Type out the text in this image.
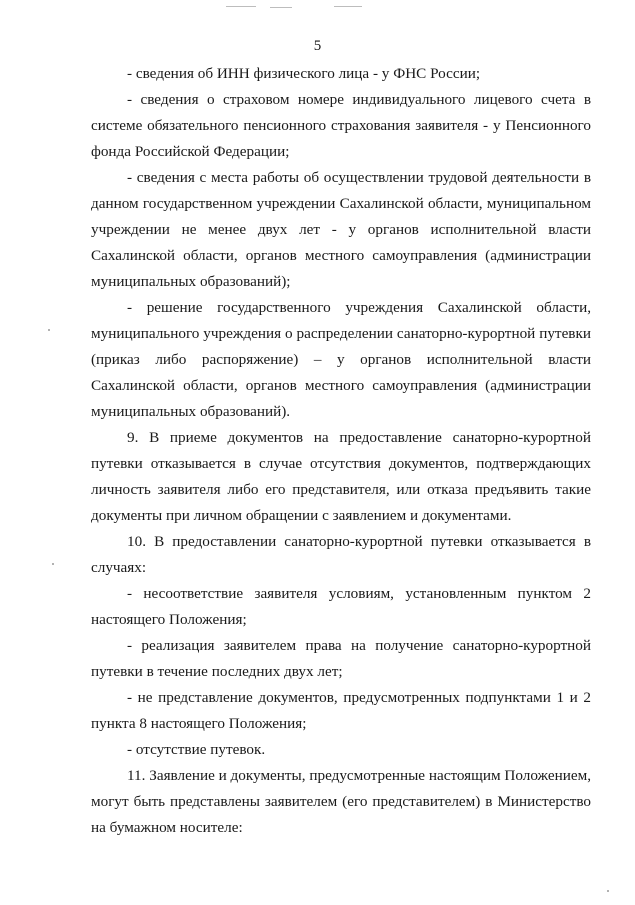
5

- сведения об ИНН физического лица - у ФНС России;

- сведения о страховом номере индивидуального лицевого счета в системе обязательного пенсионного страхования заявителя - у Пенсионного фонда Российской Федерации;

- сведения с места работы об осуществлении трудовой деятельности в данном государственном учреждении Сахалинской области, муниципальном учреждении не менее двух лет - у органов исполнительной власти Сахалинской области, органов местного самоуправления (администрации муниципальных образований);

- решение государственного учреждения Сахалинской области, муниципального учреждения о распределении санаторно-курортной путевки (приказ либо распоряжение) – у органов исполнительной власти Сахалинской области, органов местного самоуправления (администрации муниципальных образований).

9. В приеме документов на предоставление санаторно-курортной путевки отказывается в случае отсутствия документов, подтверждающих личность заявителя либо его представителя, или отказа предъявить такие документы при личном обращении с заявлением и документами.

10. В предоставлении санаторно-курортной путевки отказывается в случаях:

- несоответствие заявителя условиям, установленным пунктом 2 настоящего Положения;

- реализация заявителем права на получение санаторно-курортной путевки в течение последних двух лет;

- не представление документов, предусмотренных подпунктами 1 и 2 пункта 8 настоящего Положения;

- отсутствие путевок.

11. Заявление и документы, предусмотренные настоящим Положением, могут быть представлены заявителем (его представителем) в Министерство на бумажном носителе:
